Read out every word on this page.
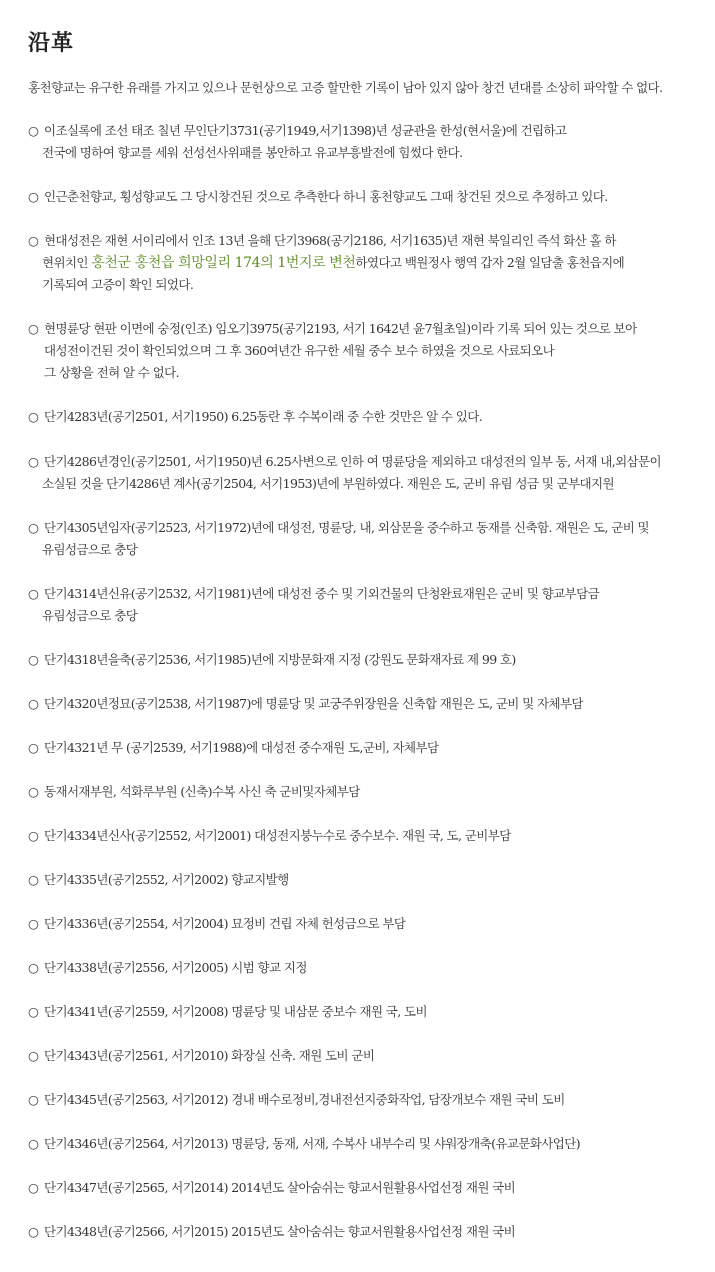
沿革
홍천향교는 유구한 유래를 가지고 있으나 문헌상으로 고증 할만한 기록이 남아 있지 않아 창건 년대를 소상히 파악할 수 없다.
○ 이조실록에 조선 태조 칠년 무인단기3731(공기1949,서기1398)년 성균관을 한성(현서울)에 건립하고
전국에 명하여 향교를 세워 선성선사위패를 봉안하고 유교부흥발전에 힘썼다 한다.
○ 인근춘천향교, 횡성향교도 그 당시창건된 것으로 추측한다 하니 홍천향교도 그때 창건된 것으로 추정하고 있다.
○ 현대성전은 재현 서이리에서 인조 13년 을해 단기3968(공기2186, 서기1635)년 재현 북일리인 즉석 화산 홀 하
현위치인 홍천군 홍천읍 희망일리 174의 1번지로 변천하였다고 백원정사 행역 갑자 2월 일담출 홍천읍지에
기록되여 고증이 확인 되었다.
○ 현명륜당 현판 이면에 숭정(인조) 임오기3975(공기2193, 서기 1642년 윤7월초일)이라 기록 되어 있는 것으로 보아
대성전이건된 것이 확인되었으며 그 후 360여년간 유구한 세월 중수 보수 하였을 것으로 사료되오나
그 상황을 전혀 알 수 없다.
○ 단기4283년(공기2501, 서기1950) 6.25동란 후 수복이래 중 수한 것만은 알 수 있다.
○ 단기4286년경인(공기2501, 서기1950)년 6.25사변으로 인하 여 명륜당을 제외하고 대성전의 일부 동, 서재 내,외삼문이
소실된 것을 단기4286년 계사(공기2504, 서기1953)년에 부원하였다. 재원은 도, 군비 유림 성금 및 군부대지원
○ 단기4305년임자(공기2523, 서기1972)년에 대성전, 명륜당, 내, 외삼문을 중수하고 동재를 신축함. 재원은 도, 군비 및
유림성금으로 충당
○ 단기4314년신유(공기2532, 서기1981)년에 대성전 중수 및 기외건물의 단청완료재원은 군비 및 향교부담금
유림성금으로 충당
○ 단기4318년을축(공기2536, 서기1985)년에 지방문화재 지정 (강원도 문화재자료 제 99 호)
○ 단기4320년정묘(공기2538, 서기1987)에 명륜당 및 교궁주위장원을 신축합 재원은 도, 군비 및 자체부담
○ 단기4321년 무 (공기2539, 서기1988)에 대성전 중수재원 도,군비, 자체부담
○ 동재서재부원, 석화루부원 (신축)수복 사신 축 군비및자체부담
○ 단기4334년신사(공기2552, 서기2001) 대성전지붕누수로 중수보수. 재원 국, 도, 군비부담
○ 단기4335년(공기2552, 서기2002) 향교지발행
○ 단기4336년(공기2554, 서기2004) 묘정비 건립 자체 헌성금으로 부담
○ 단기4338년(공기2556, 서기2005) 시범 향교 지정
○ 단기4341년(공기2559, 서기2008) 명륜당 및 내삼문 중보수 재원 국, 도비
○ 단기4343년(공기2561, 서기2010) 화장실 신축. 재원 도비 군비
○ 단기4345년(공기2563, 서기2012) 경내 배수로정비,경내전선지중화작업, 담장개보수 재원 국비 도비
○ 단기4346년(공기2564, 서기2013) 명륜당, 동재, 서재, 수복사 내부수리 및 샤워장개축(유교문화사업단)
○ 단기4347년(공기2565, 서기2014) 2014년도 살아숨쉬는 향교서원활용사업선정 재원 국비
○ 단기4348년(공기2566, 서기2015) 2015년도 살아숨쉬는 향교서원활용사업선정 재원 국비
